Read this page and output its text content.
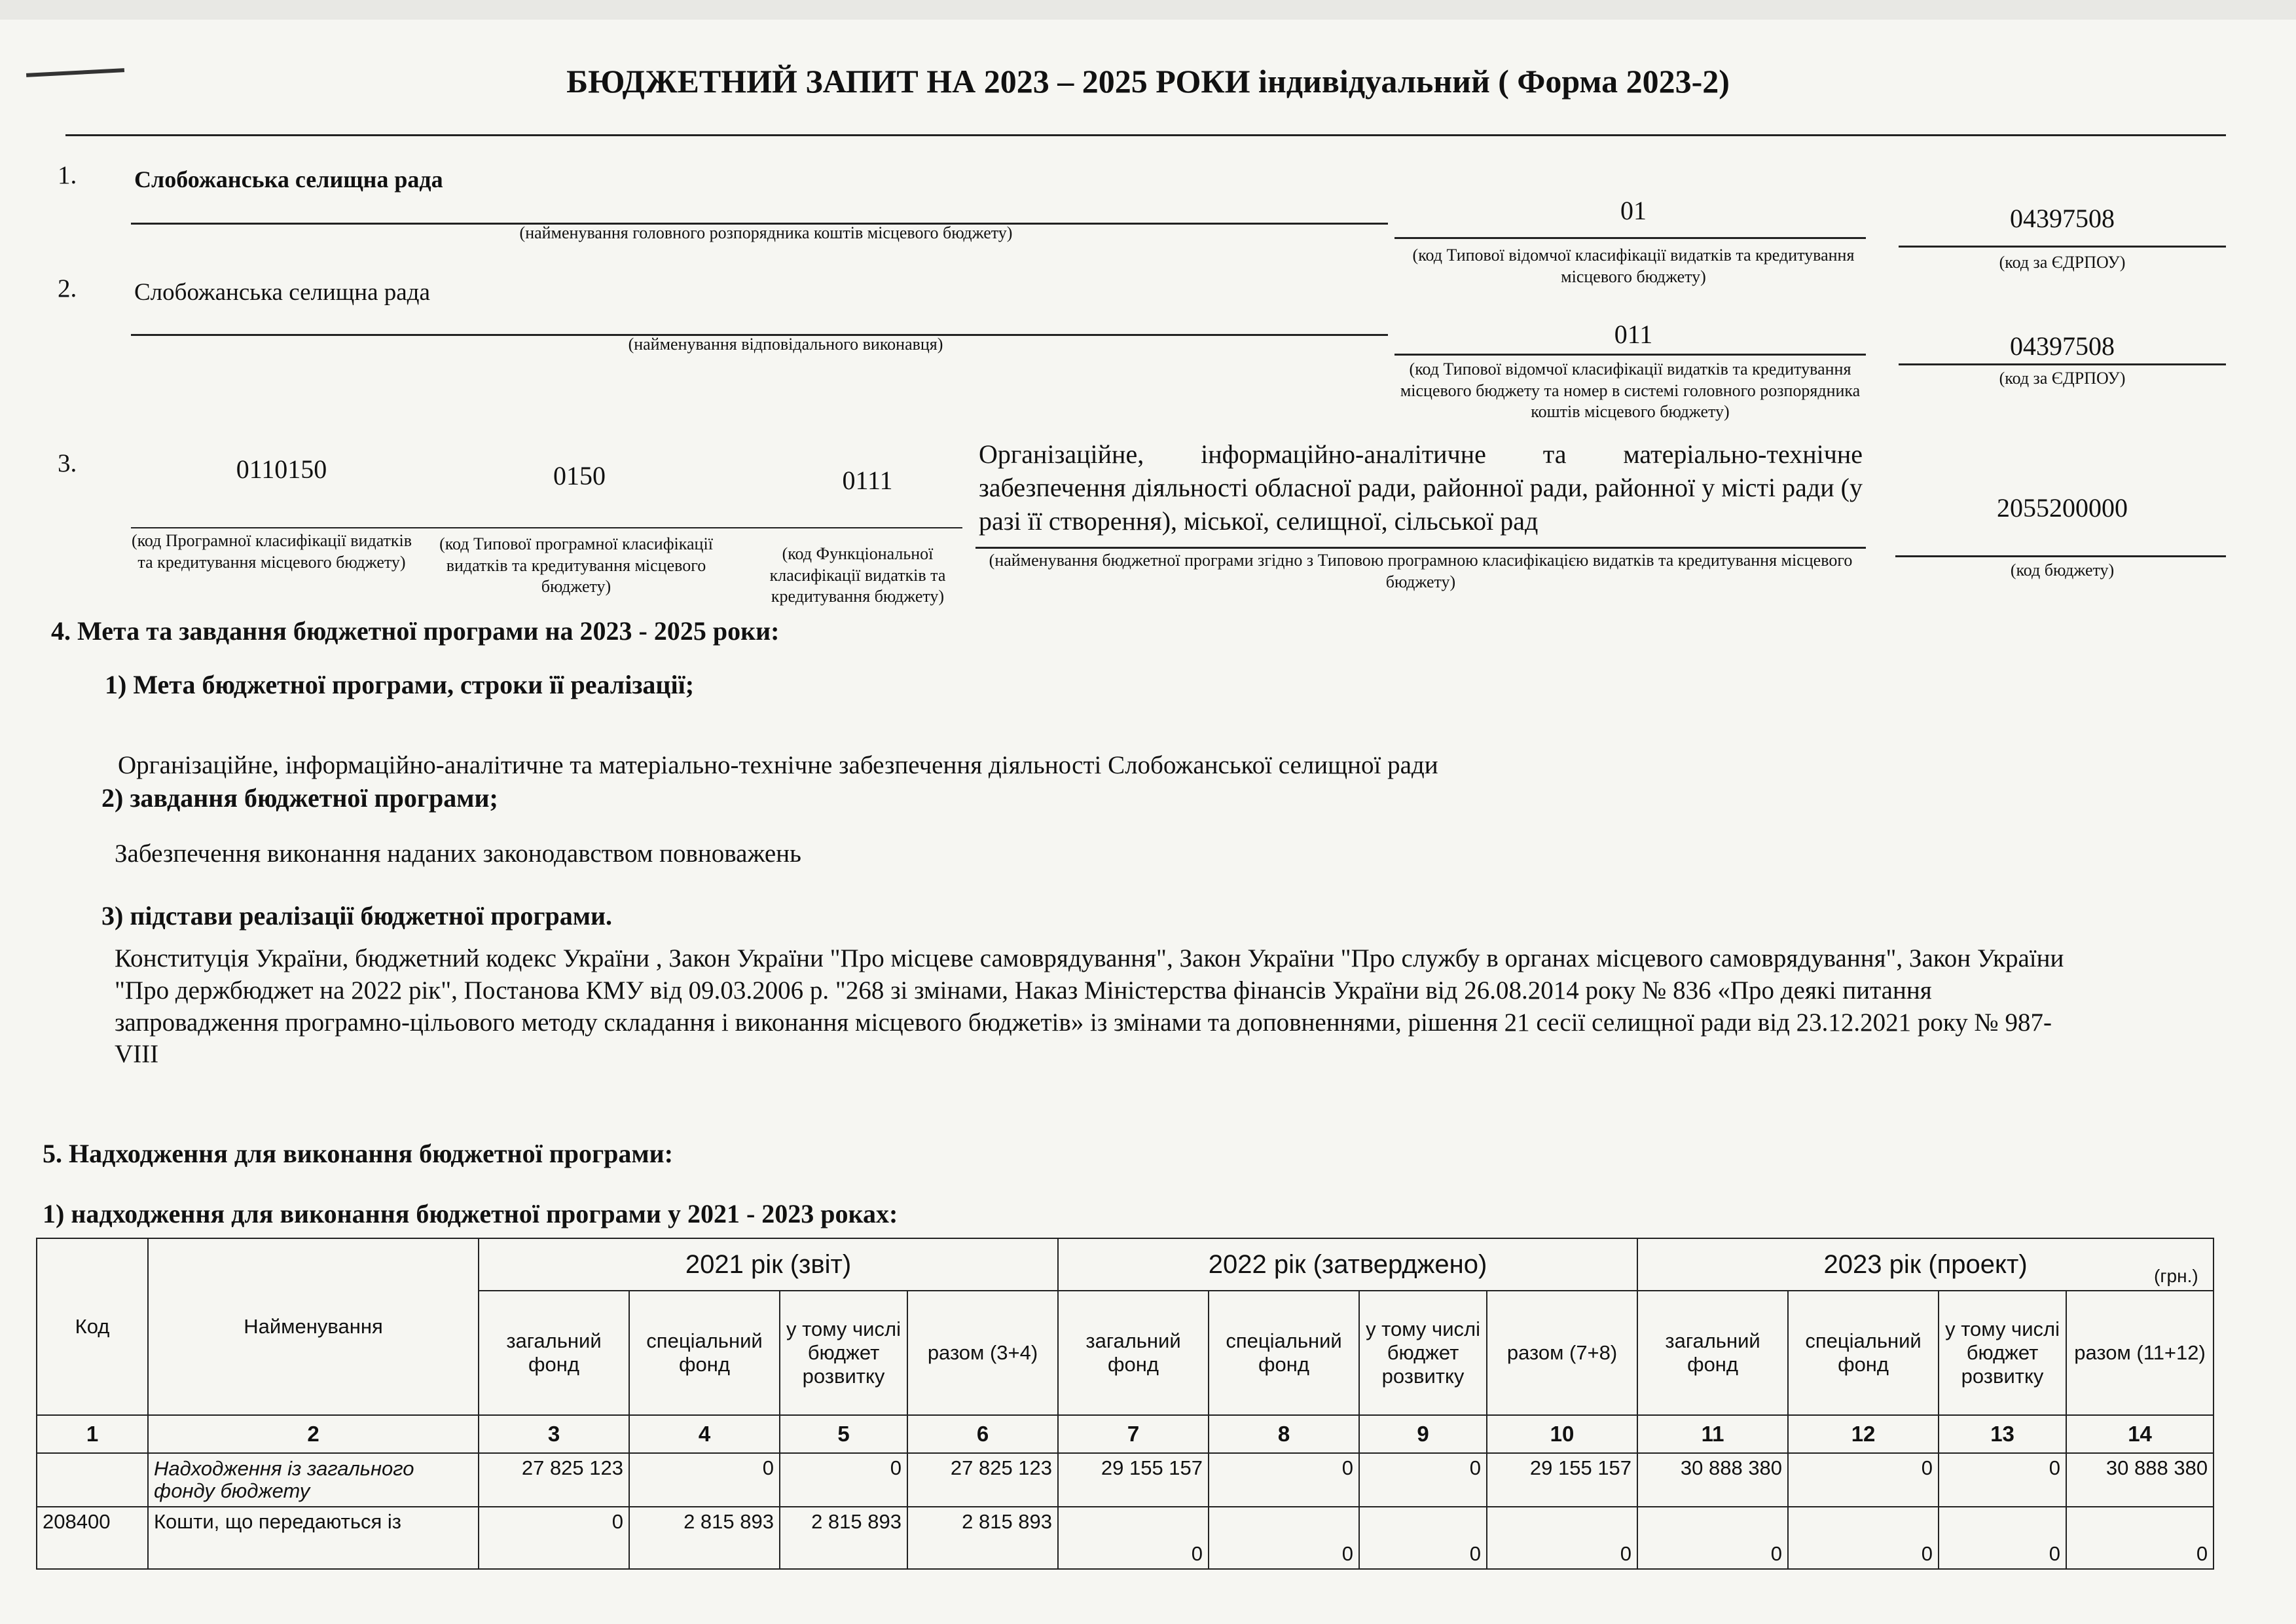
БЮДЖЕТНИЙ ЗАПИТ НА 2023 – 2025 РОКИ індивідуальний ( Форма 2023-2)
1. Слобожанська селищна рада
(найменування головного розпорядника коштів місцевого бюджету)
01
(код Типової відомчої класифікації видатків та кредитування місцевого бюджету)
04397508
(код за ЄДРПОУ)
2. Слобожанська селищна рада
(найменування відповідального виконавця)	011
(код Типової відомчої класифікації видатків та кредитування місцевого бюджету та номер в системі головного розпорядника коштів місцевого бюджету)
04397508
(код за ЄДРПОУ)
3.	0110150	0150	0111
(код Програмної класифікації видатків та кредитування місцевого бюджету)
(код Типової програмної класифікації видатків та кредитування місцевого бюджету)
(код Функціональної класифікації видатків та кредитування бюджету)
Організаційне, інформаційно-аналітичне та матеріально-технічне забезпечення діяльності обласної ради, районної ради, районної у місті ради (у разі її створення), міської, селищної, сільської рад
(найменування бюджетної програми згідно з Типовою програмною класифікацією видатків та кредитування місцевого бюджету)
2055200000
(код бюджету)
4. Мета та завдання бюджетної програми на 2023 - 2025 роки:
1) Мета бюджетної програми, строки її реалізації;
Організаційне, інформаційно-аналітичне та матеріально-технічне забезпечення діяльності Слобожанської селищної ради
2) завдання бюджетної програми;
Забезпечення виконання наданих законодавством повноважень
3) підстави реалізації бюджетної програми.
Конституція України, бюджетний кодекс України , Закон України "Про місцеве самоврядування", Закон України "Про службу в органах місцевого самоврядування", Закон України
"Про держбюджет на 2022 рік", Постанова КМУ від 09.03.2006 р. "268 зі змінами, Наказ Міністерства фінансів України від 26.08.2014 року № 836 «Про деякі питання
запровадження програмно-цільового методу складання і виконання місцевого бюджетів» із змінами та доповненнями, рішення 21 сесії селищної ради від 23.12.2021 року № 987-
VIII
5. Надходження для виконання бюджетної програми:
1) надходження для виконання бюджетної програми у 2021 - 2023 роках:
(грн.)
Код	Найменування	2021 рік (звіт)				2022 рік (затверджено)				2023 рік (проект)			
		загальний фонд	спеціальний фонд	у тому числі бюджет розвитку	разом (3+4)	загальний фонд	спеціальний фонд	у тому числі бюджет розвитку	разом (7+8)	загальний фонд	спеціальний фонд	у тому числі бюджет розвитку	разом (11+12)
1	2	3	4	5	6	7	8	9	10	11	12	13	14
	Надходження із загального фонду бюджету	27 825 123	0	0	27 825 123	29 155 157	0	0	29 155 157	30 888 380	0	0	30 888 380
208400	Кошти, що передаються із	0	2 815 893	2 815 893	2 815 893	0	0	0	0	0	0	0	0
